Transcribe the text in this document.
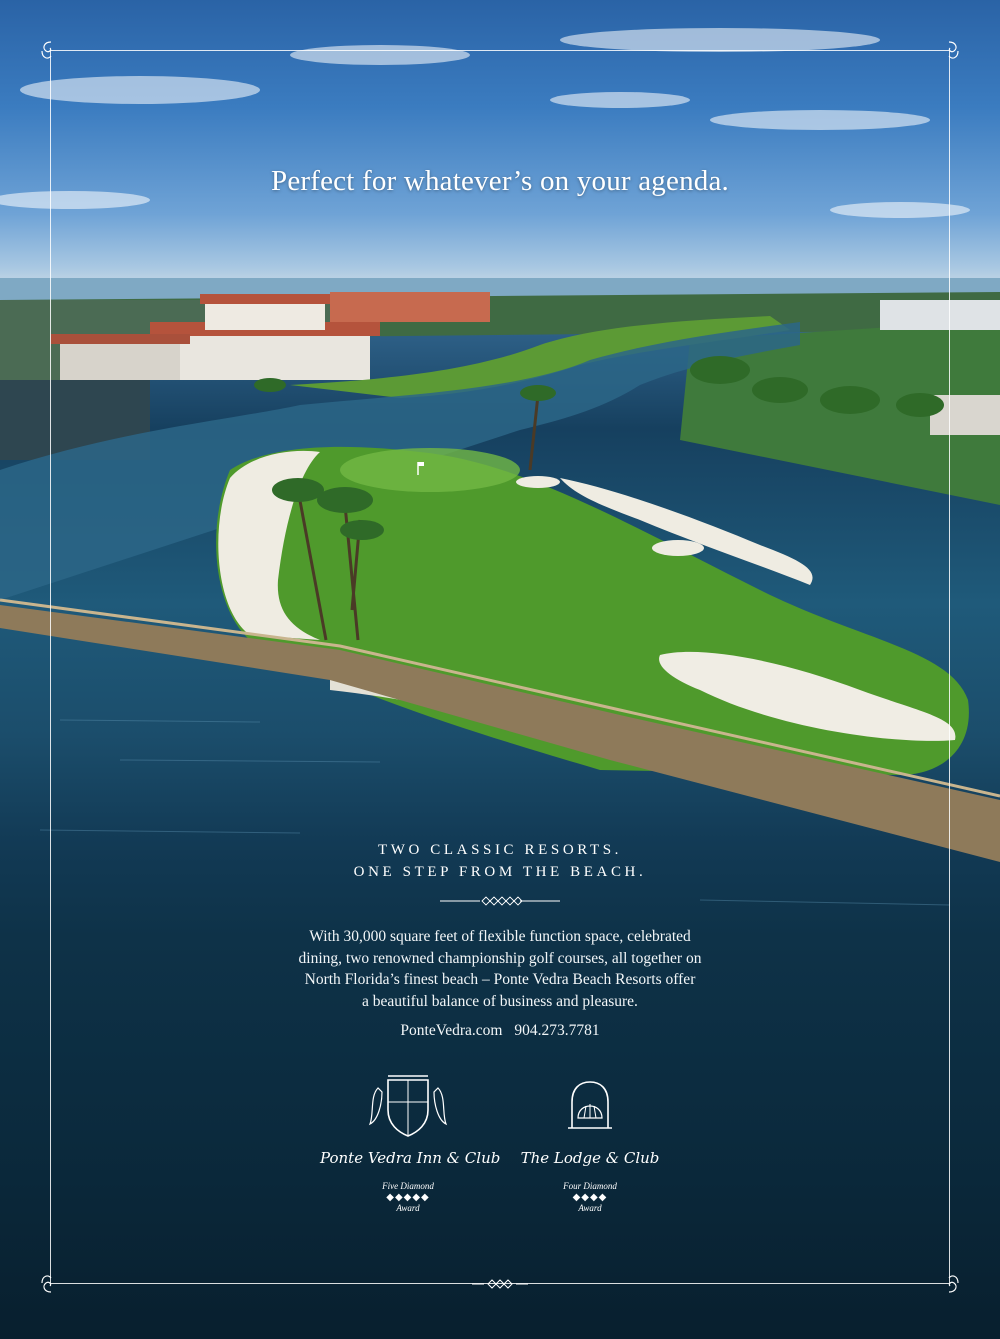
Perfect for whatever’s on your agenda.
TWO CLASSIC RESORTS.
ONE STEP FROM THE BEACH.
With 30,000 square feet of flexible function space, celebrated
dining, two renowned championship golf courses, all together on
North Florida’s finest beach – Ponte Vedra Beach Resorts offer
a beautiful balance of business and pleasure.
PonteVedra.com 904.273.7781
Ponte Vedra Inn & Club
Five Diamond
◆◆◆◆◆
Award
The Lodge & Club
Four Diamond
◆◆◆◆
Award
